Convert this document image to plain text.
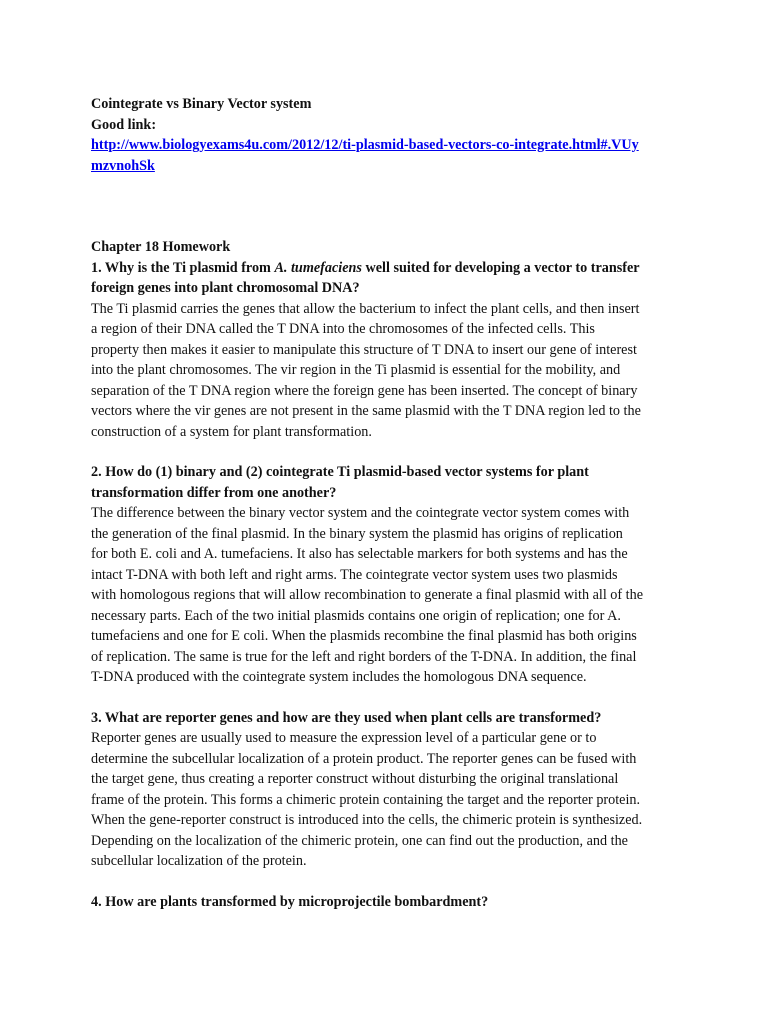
Cointegrate vs Binary Vector system
Good link:
http://www.biologyexams4u.com/2012/12/ti-plasmid-based-vectors-co-integrate.html#.VUy
mzvnohSk
Chapter 18 Homework
1. Why is the Ti plasmid from A. tumefaciens well suited for developing a vector to transfer
foreign genes into plant chromosomal DNA?
The Ti plasmid carries the genes that allow the bacterium to infect the plant cells, and then insert
a region of their DNA called the T DNA into the chromosomes of the infected cells. This
property then makes it easier to manipulate this structure of T DNA to insert our gene of interest
into the plant chromosomes. The vir region in the Ti plasmid is essential for the mobility, and
separation of the T DNA region where the foreign gene has been inserted. The concept of binary
vectors where the vir genes are not present in the same plasmid with the T DNA region led to the
construction of a system for plant transformation.
2. How do (1) binary and (2) cointegrate Ti plasmid-based vector systems for plant
transformation differ from one another?
The difference between the binary vector system and the cointegrate vector system comes with
the generation of the final plasmid. In the binary system the plasmid has origins of replication
for both E. coli and A. tumefaciens. It also has selectable markers for both systems and has the
intact T-DNA with both left and right arms. The cointegrate vector system uses two plasmids
with homologous regions that will allow recombination to generate a final plasmid with all of the
necessary parts. Each of the two initial plasmids contains one origin of replication; one for A.
tumefaciens and one for E coli. When the plasmids recombine the final plasmid has both origins
of replication. The same is true for the left and right borders of the T-DNA. In addition, the final
T-DNA produced with the cointegrate system includes the homologous DNA sequence.
3. What are reporter genes and how are they used when plant cells are transformed?
Reporter genes are usually used to measure the expression level of a particular gene or to
determine the subcellular localization of a protein product. The reporter genes can be fused with
the target gene, thus creating a reporter construct without disturbing the original translational
frame of the protein. This forms a chimeric protein containing the target and the reporter protein.
When the gene-reporter construct is introduced into the cells, the chimeric protein is synthesized.
Depending on the localization of the chimeric protein, one can find out the production, and the
subcellular localization of the protein.
4. How are plants transformed by microprojectile bombardment?
